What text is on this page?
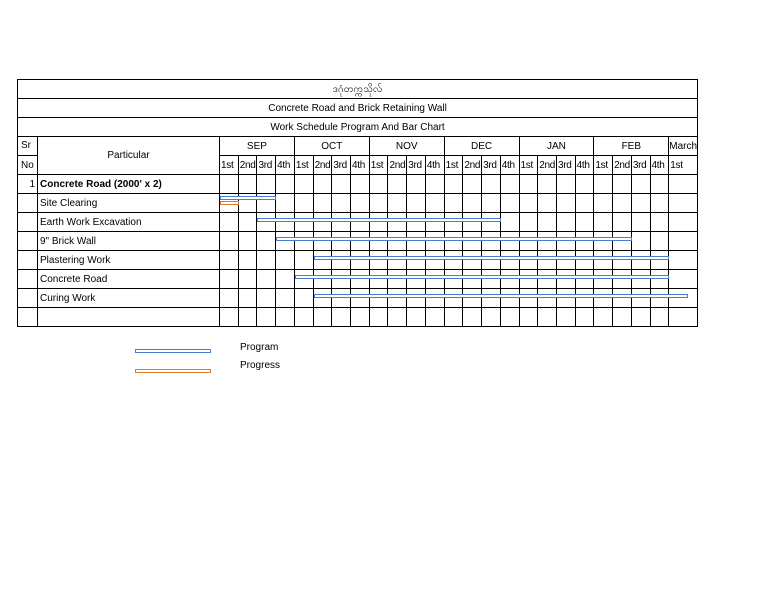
ဒဂုံတက္ကသိုလ်																										
Concrete Road and Brick Retaining Wall																										
Work Schedule Program And Bar Chart																										
Sr	Particular	SEP				OCT				NOV				DEC				JAN				FEB				March
No		1st	2nd	3rd	4th	1st	2nd	3rd	4th	1st	2nd	3rd	4th	1st	2nd	3rd	4th	1st	2nd	3rd	4th	1st	2nd	3rd	4th	1st
1	Concrete Road (2000' x 2)																									
	Site Clearing																									
	Earth Work Excavation																									
	9" Brick Wall																									
	Plastering Work																									
	Concrete Road																									
	Curing Work																									

Program
Progress
